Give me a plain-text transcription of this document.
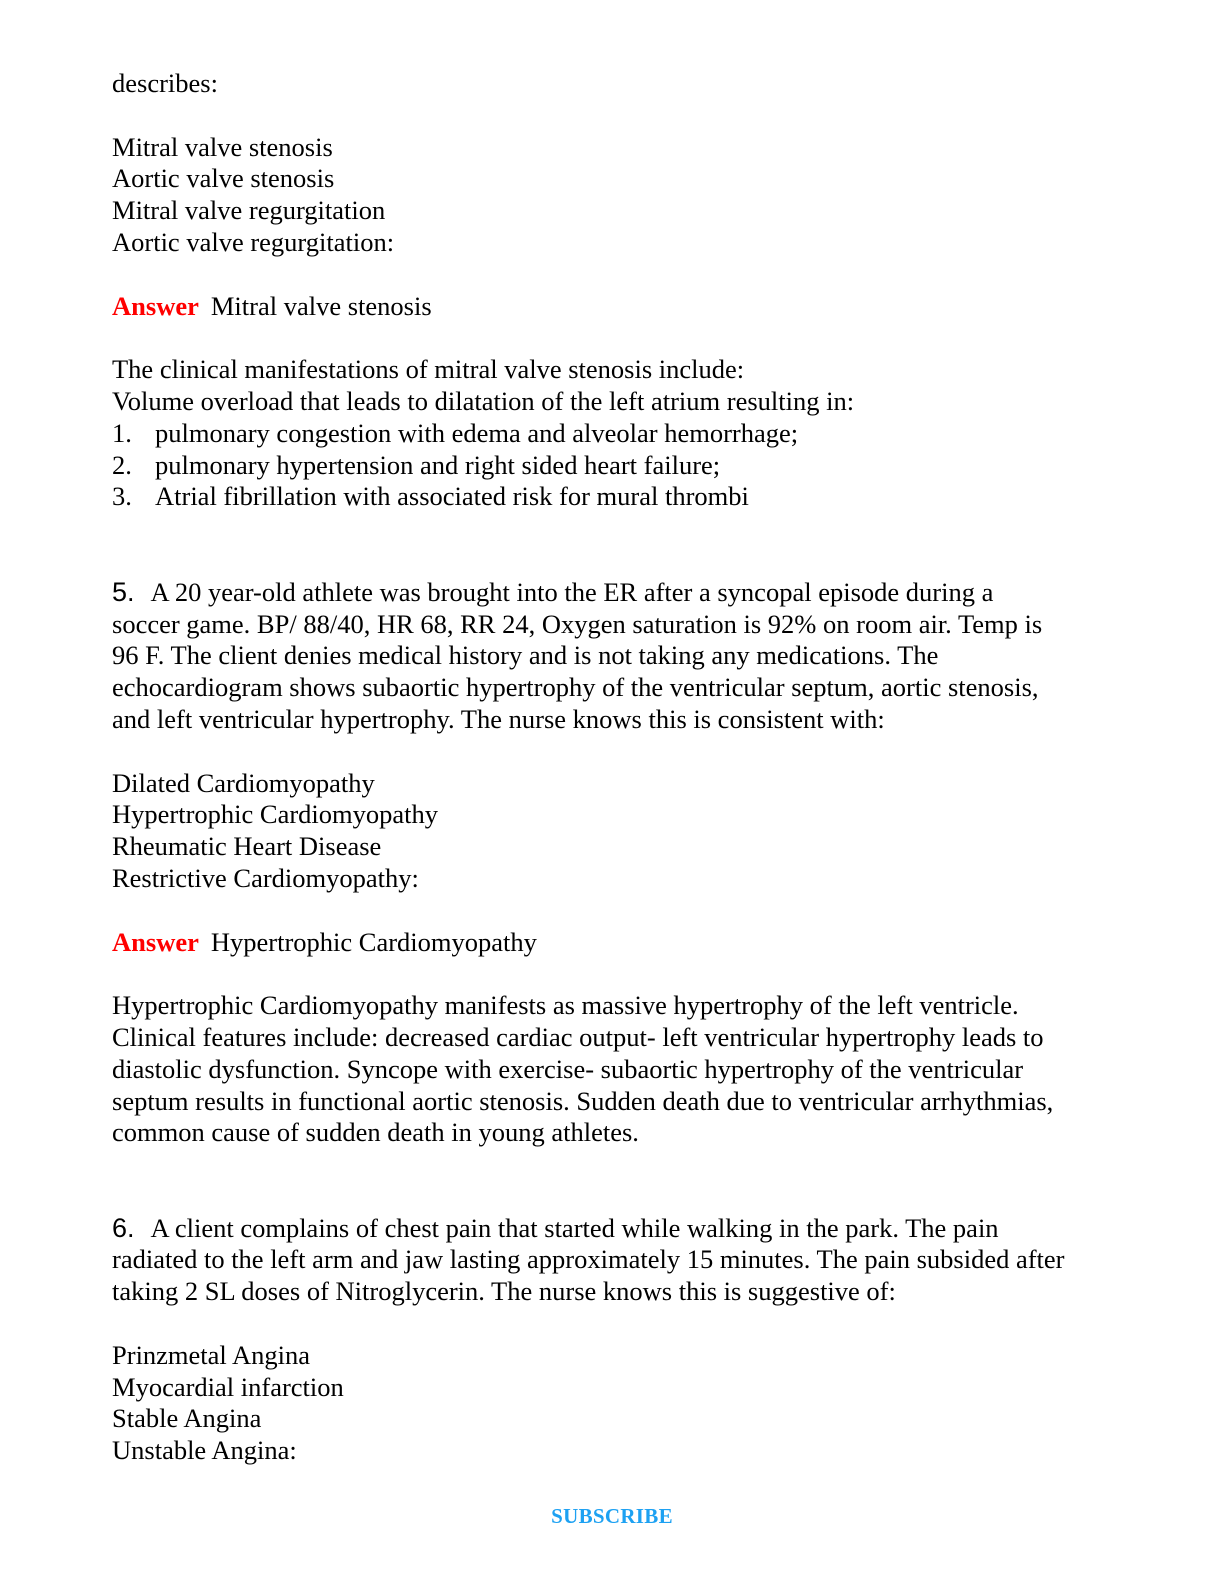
describes:
Mitral valve stenosis
Aortic valve stenosis
Mitral valve regurgitation
Aortic valve regurgitation:
Answer Mitral valve stenosis
The clinical manifestations of mitral valve stenosis include:
Volume overload that leads to dilatation of the left atrium resulting in:
1. pulmonary congestion with edema and alveolar hemorrhage;
2. pulmonary hypertension and right sided heart failure;
3. Atrial fibrillation with associated risk for mural thrombi
5. A 20 year-old athlete was brought into the ER after a syncopal episode during a
soccer game. BP/ 88/40, HR 68, RR 24, Oxygen saturation is 92% on room air. Temp is
96 F. The client denies medical history and is not taking any medications. The
echocardiogram shows subaortic hypertrophy of the ventricular septum, aortic stenosis,
and left ventricular hypertrophy. The nurse knows this is consistent with:
Dilated Cardiomyopathy
Hypertrophic Cardiomyopathy
Rheumatic Heart Disease
Restrictive Cardiomyopathy:
Answer Hypertrophic Cardiomyopathy
Hypertrophic Cardiomyopathy manifests as massive hypertrophy of the left ventricle.
Clinical features include: decreased cardiac output- left ventricular hypertrophy leads to
diastolic dysfunction. Syncope with exercise- subaortic hypertrophy of the ventricular
septum results in functional aortic stenosis. Sudden death due to ventricular arrhythmias,
common cause of sudden death in young athletes.
6. A client complains of chest pain that started while walking in the park. The pain
radiated to the left arm and jaw lasting approximately 15 minutes. The pain subsided after
taking 2 SL doses of Nitroglycerin. The nurse knows this is suggestive of:
Prinzmetal Angina
Myocardial infarction
Stable Angina
Unstable Angina:
SUBSCRIBE
